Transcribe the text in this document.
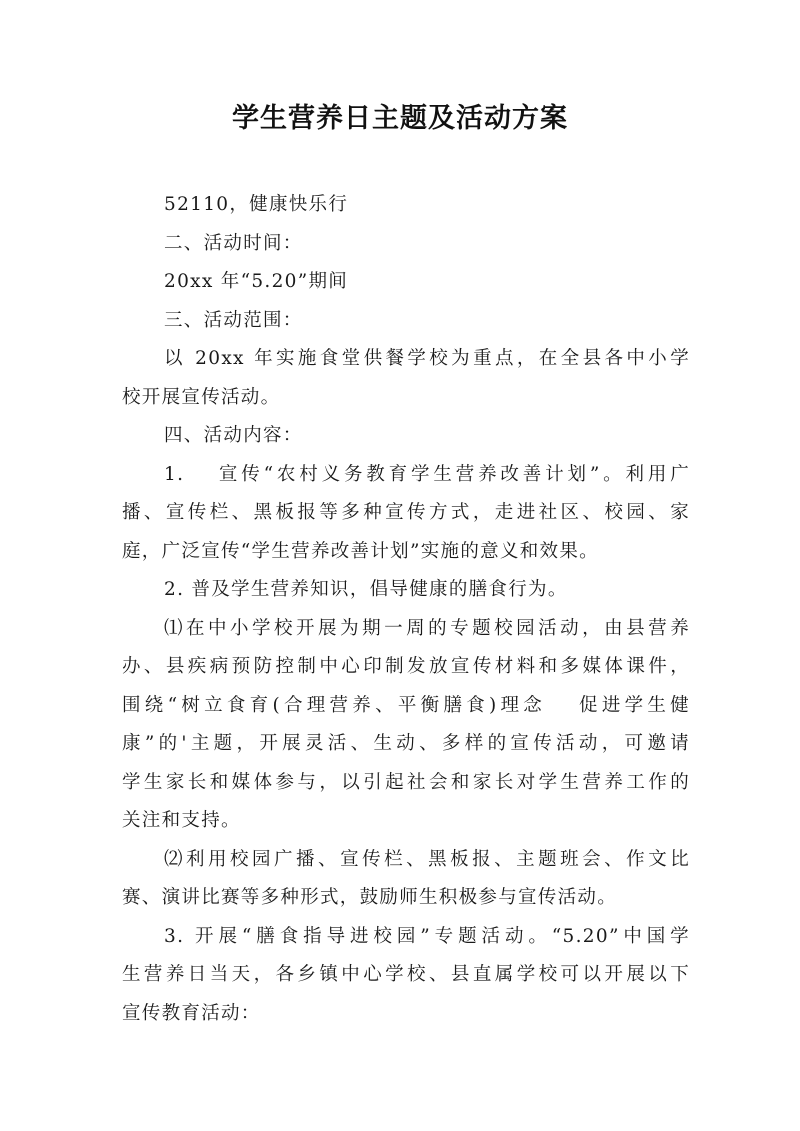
学生营养日主题及活动方案

52110，健康快乐行

二、活动时间：

20xx 年“5.20”期间

三、活动范围：

以 20xx 年实施食堂供餐学校为重点，在全县各中小学
校开展宣传活动。

四、活动内容：

1.　 宣传“农村义务教育学生营养改善计划”。利用广
播、宣传栏、黑板报等多种宣传方式，走进社区、校园、家
庭，广泛宣传“学生营养改善计划”实施的意义和效果。

2. 普及学生营养知识，倡导健康的膳食行为。

⑴在中小学校开展为期一周的专题校园活动，由县营养
办、县疾病预防控制中心印制发放宣传材料和多媒体课件，
围绕“树立食育(合理营养、平衡膳食)理念　 促进学生健
康”的'主题，开展灵活、生动、多样的宣传活动，可邀请
学生家长和媒体参与，以引起社会和家长对学生营养工作的
关注和支持。

⑵利用校园广播、宣传栏、黑板报、主题班会、作文比
赛、演讲比赛等多种形式，鼓励师生积极参与宣传活动。

3. 开展“膳食指导进校园”专题活动。“5.20”中国学
生营养日当天，各乡镇中心学校、县直属学校可以开展以下
宣传教育活动：
